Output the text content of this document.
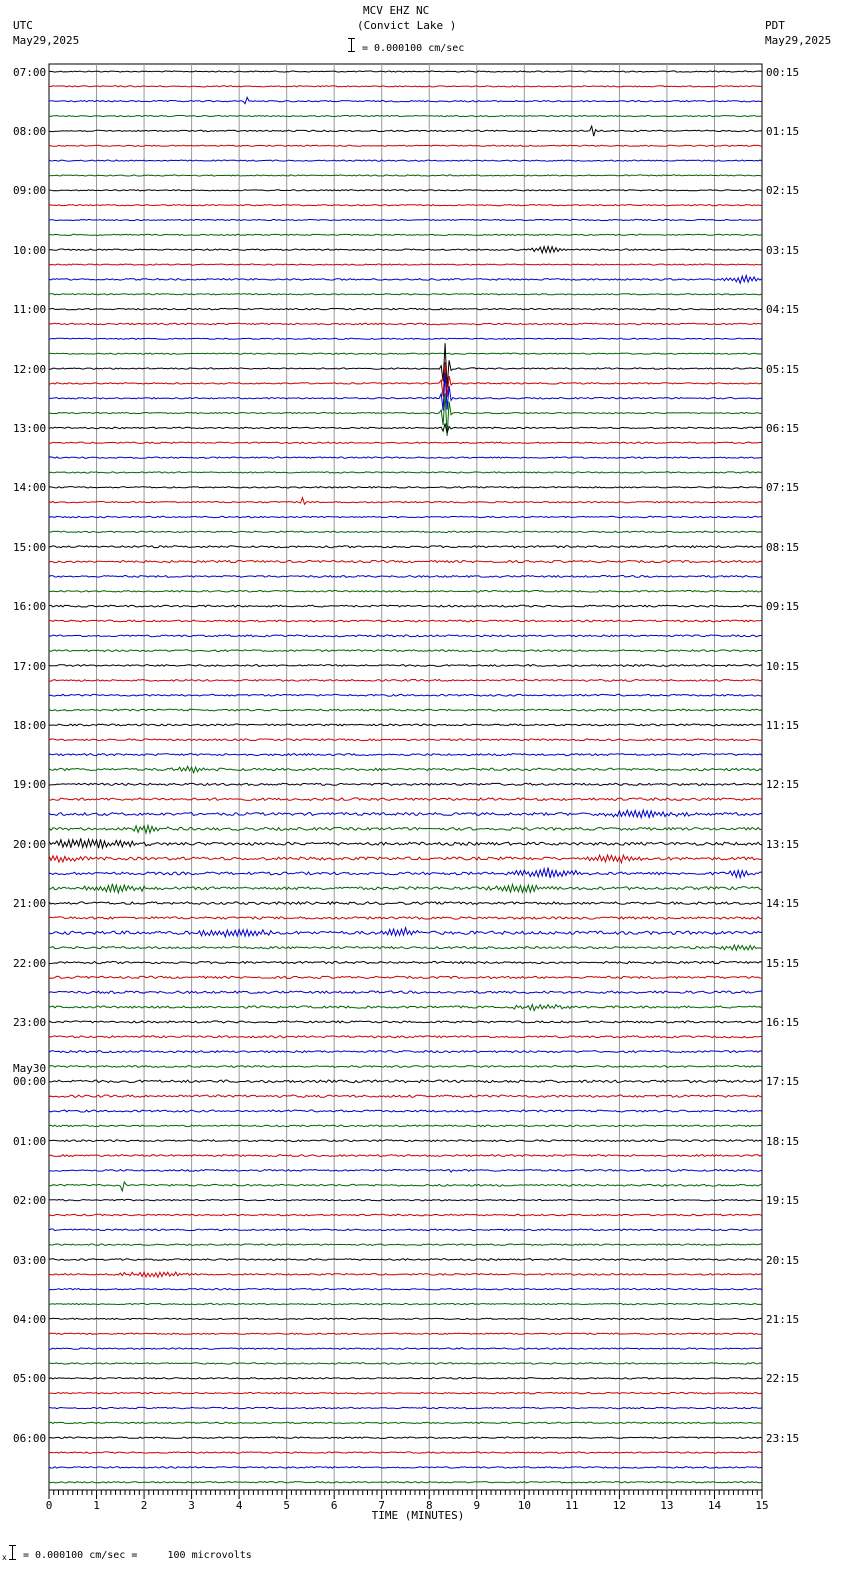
MCV EHZ NC
(Convict Lake )
UTC
May29,2025
PDT
May29,2025
= 0.000100 cm/sec
0	1	2	3	4	5	6	7	8	9	10	11	12	13	14	15
TIME (MINUTES)
May30
07:00
08:00
09:00
10:00
11:00
12:00
13:00
14:00
15:00
16:00
17:00
18:00
19:00
20:00
21:00
22:00
23:00
00:00
01:00
02:00
03:00
04:00
05:00
06:00
00:15
01:15
02:15
03:15
04:15
05:15
06:15
07:15
08:15
09:15
10:15
11:15
12:15
13:15
14:15
15:15
16:15
17:15
18:15
19:15
20:15
21:15
22:15
23:15
x = 0.000100 cm/sec =     100 microvolts
